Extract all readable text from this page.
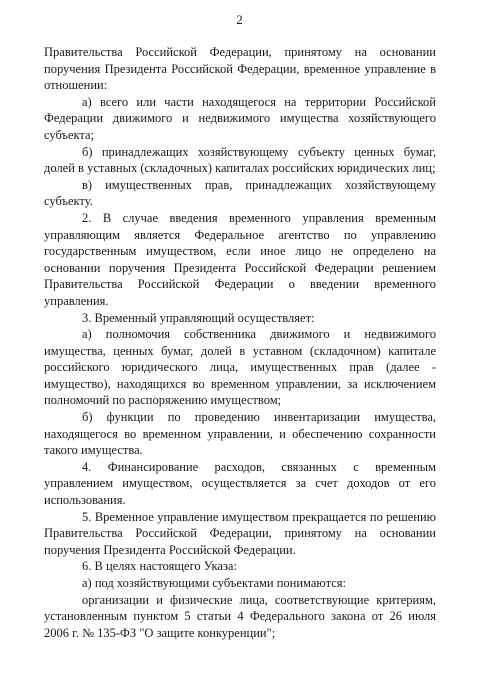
2

Правительства Российской Федерации, принятому на основании поручения Президента Российской Федерации, временное управление в отношении:

а) всего или части находящегося на территории Российской Федерации движимого и недвижимого имущества хозяйствующего субъекта;

б) принадлежащих хозяйствующему субъекту ценных бумаг, долей в уставных (складочных) капиталах российских юридических лиц;

в) имущественных прав, принадлежащих хозяйствующему субъекту.

2. В случае введения временного управления временным управляющим является Федеральное агентство по управлению государственным имуществом, если иное лицо не определено на основании поручения Президента Российской Федерации решением Правительства Российской Федерации о введении временного управления.

3. Временный управляющий осуществляет:

а) полномочия собственника движимого и недвижимого имущества, ценных бумаг, долей в уставном (складочном) капитале российского юридического лица, имущественных прав (далее - имущество), находящихся во временном управлении, за исключением полномочий по распоряжению имуществом;

б) функции по проведению инвентаризации имущества, находящегося во временном управлении, и обеспечению сохранности такого имущества.

4. Финансирование расходов, связанных с временным управлением имуществом, осуществляется за счет доходов от его использования.

5. Временное управление имуществом прекращается по решению Правительства Российской Федерации, принятому на основании поручения Президента Российской Федерации.

6. В целях настоящего Указа:

а) под хозяйствующими субъектами понимаются:

организации и физические лица, соответствующие критериям, установленным пунктом 5 статьи 4 Федерального закона от 26 июля 2006 г. № 135-ФЗ "О защите конкуренции";
